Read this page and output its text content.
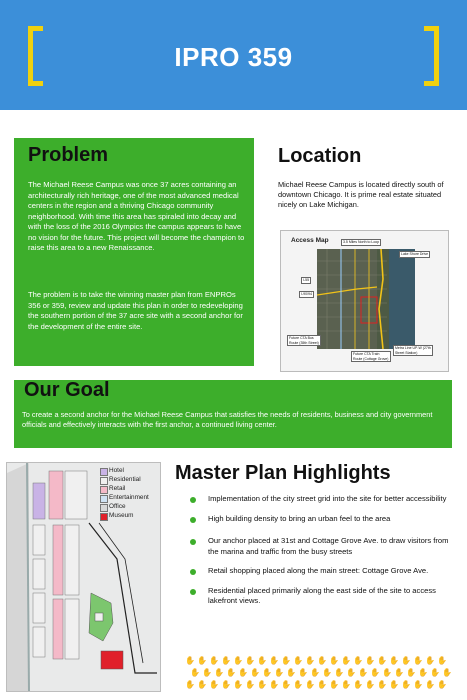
IPRO 359
Problem
The Michael Reese Campus was once 37 acres containing an architecturally rich heritage, one of the most advanced medical centers in the region and a thriving Chicago community neighborhood. With time this area has spiraled into decay and with the loss of the 2016 Olympics the campus appears to have no vision for the future. This project will become the champion to raise this area to a new Renaissance.
The problem is to take the winning master plan from ENPROs 356 or 359, review and update this plan in order to redeveloping the southern portion of the 37 acre site with a second anchor for the development of the entire site.
Location
Michael Reese Campus is located directly south of downtown Chicago. It is prime real estate situated nicely on Lake Michigan.
Access Map	3.5 Miles North to Loop
Lake Shore Drive
I-55
I-90/94
Future CTA Bus Route (35th Street)
Future CTA Train Route (Cottage Grove)
Metra Line UP-W (27th Street Station)
Our Goal
To create a second anchor for the Michael Reese Campus that satisfies the needs of residents, business and city government officials and effectively interacts with the first anchor, a continued living center.
Hotel
Residential
Retail
Entertainment
Office
Museum
Master Plan Highlights
Implementation of the city street grid into the site for better accessibility
High building density to bring an urban feel to the area
Our anchor placed at 31st and Cottage Grove Ave. to draw visitors from the marina and traffic from the busy streets
Retail shopping placed along the main street: Cottage Grove Ave.
Residential placed primarily along the east side of the site to access lakefront views.
✋ ✋ ✋ ✋ ✋ ✋ ✋ ✋ ✋ ✋ ✋ ✋ ✋ ✋ ✋ ✋ ✋ ✋ ✋ ✋ ✋ ✋
✋ ✋ ✋ ✋ ✋ ✋ ✋ ✋ ✋ ✋ ✋ ✋ ✋ ✋ ✋ ✋ ✋ ✋ ✋ ✋ ✋ ✋
✋ ✋ ✋ ✋ ✋ ✋ ✋ ✋ ✋ ✋ ✋ ✋ ✋ ✋ ✋ ✋ ✋ ✋ ✋ ✋ ✋ ✋
